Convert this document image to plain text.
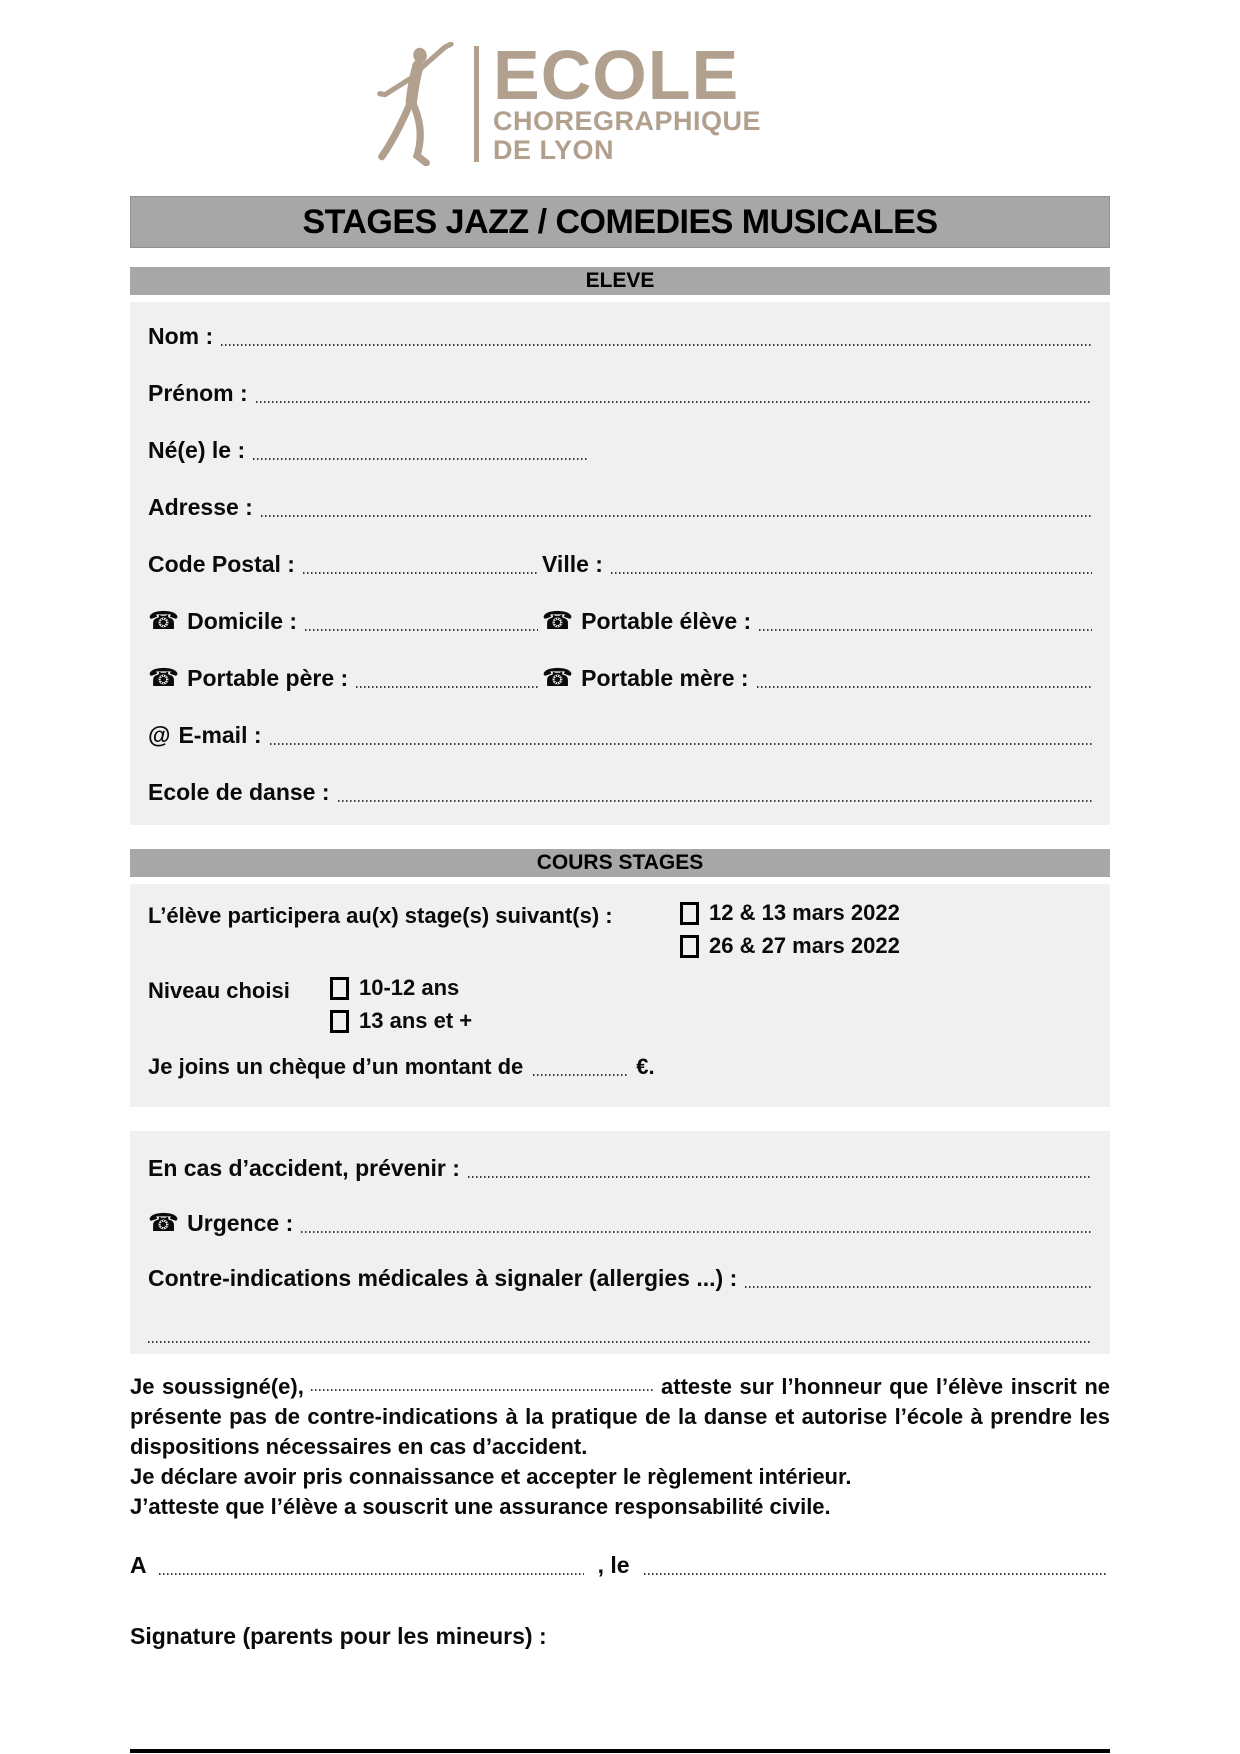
ECOLE
CHOREGRAPHIQUE
DE LYON
STAGES JAZZ / COMEDIES MUSICALES
ELEVE
Nom :
Prénom :
Né(e) le :
Adresse :
Code Postal :	Ville :
☎ Domicile :	☎ Portable élève :
☎ Portable père :	☎ Portable mère :
@ E-mail :
Ecole de danse :
COURS STAGES
L’élève participera au(x) stage(s) suivant(s) :	12 & 13 mars 2022
26 & 27 mars 2022
Niveau choisi	10-12 ans
13 ans et +
Je joins un chèque d’un montant de	€.
En cas d’accident, prévenir :
☎ Urgence :
Contre-indications médicales à signaler (allergies ...) :

Je soussigné(e),	atteste sur l’honneur que l’élève inscrit ne présente pas de contre-indications à la pratique de la danse et autorise l’école à prendre les dispositions nécessaires en cas d’accident.

Je déclare avoir pris connaissance et accepter le règlement intérieur.
J’atteste que l’élève a souscrit une assurance responsabilité civile.
A	, le
Signature (parents pour les mineurs) :
